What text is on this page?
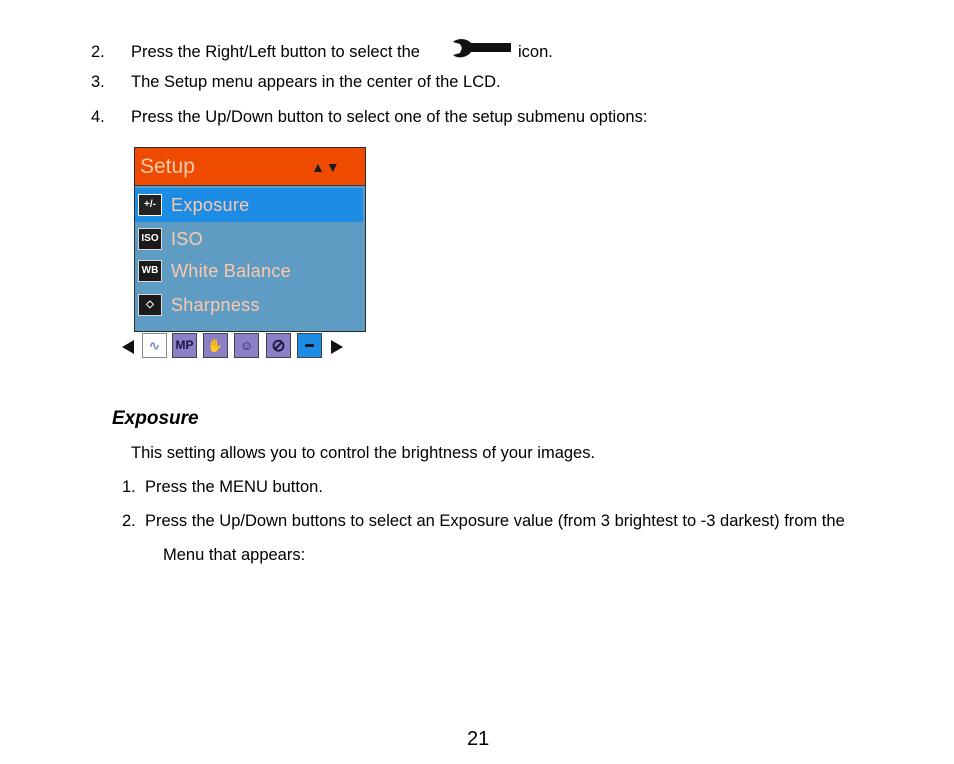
2. Press the Right/Left button to select the	icon.
3. The Setup menu appears in the center of the LCD.
4. Press the Up/Down button to select one of the setup submenu options:
Setup	▲▼
+/- Exposure
ISO ISO
WB White Balance
◇ Sharpness
∿	MP ✋	☺ ⊘	━
Exposure
This setting allows you to control the brightness of your images.
1. Press the MENU button.
2. Press the Up/Down buttons to select an Exposure value (from 3 brightest to -3 darkest) from the
Menu that appears:
21
